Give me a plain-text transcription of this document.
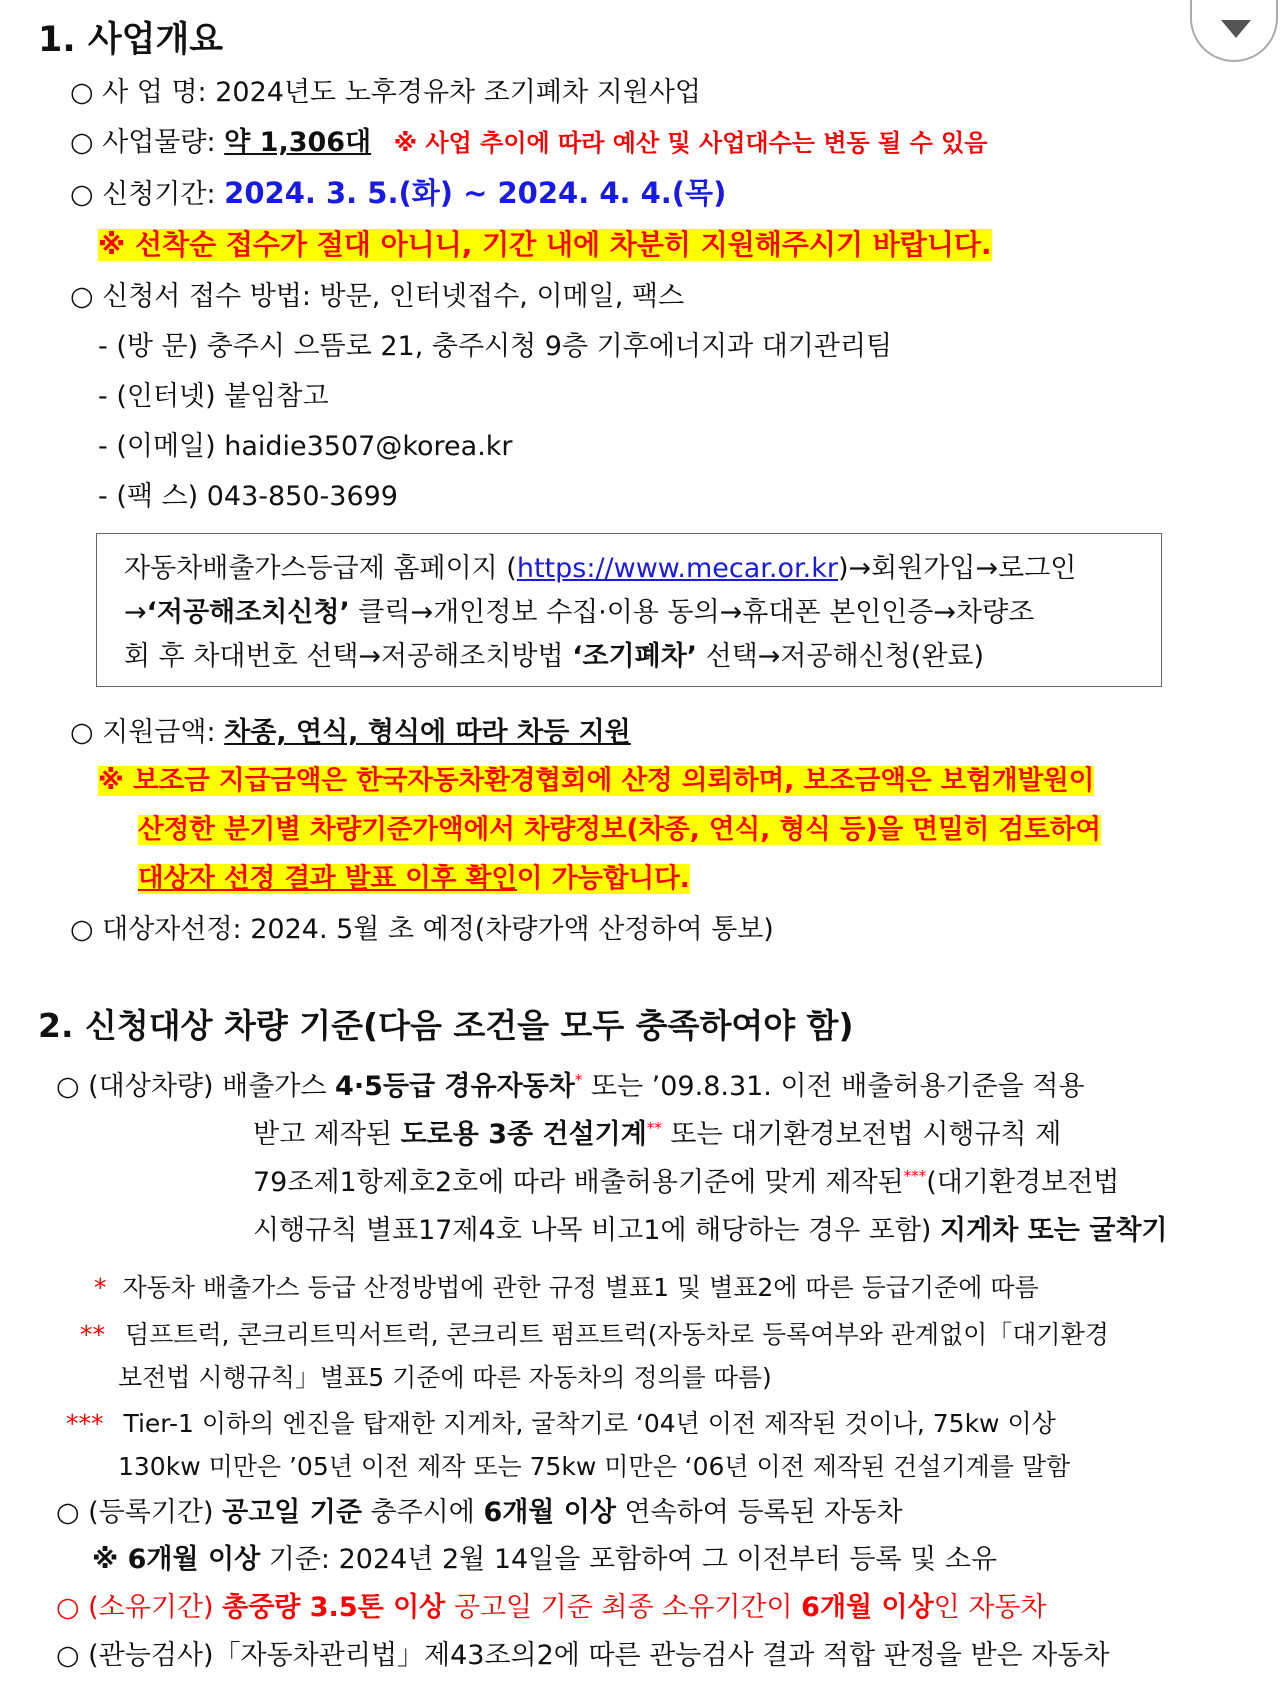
1. 사업개요
○ 사 업 명: 2024년도 노후경유차 조기폐차 지원사업
○ 사업물량: 약 1,306대 ※ 사업 추이에 따라 예산 및 사업대수는 변동 될 수 있음
○ 신청기간: 2024. 3. 5.(화) ~ 2024. 4. 4.(목)
※ 선착순 접수가 절대 아니니, 기간 내에 차분히 지원해주시기 바랍니다.
○ 신청서 접수 방법: 방문, 인터넷접수, 이메일, 팩스
- (방 문) 충주시 으뜸로 21, 충주시청 9층 기후에너지과 대기관리팀
- (인터넷) 붙임참고
- (이메일) haidie3507@korea.kr
- (팩 스) 043-850-3699
자동차배출가스등급제 홈페이지 (https://www.mecar.or.kr)→회원가입→로그인
→‘저공해조치신청’ 클릭→개인정보 수집·이용 동의→휴대폰 본인인증→차량조
회 후 차대번호 선택→저공해조치방법 ‘조기폐차’ 선택→저공해신청(완료)
○ 지원금액: 차종, 연식, 형식에 따라 차등 지원
※ 보조금 지급금액은 한국자동차환경협회에 산정 의뢰하며, 보조금액은 보험개발원이
산정한 분기별 차량기준가액에서 차량정보(차종, 연식, 형식 등)을 면밀히 검토하여
대상자 선정 결과 발표 이후 확인이 가능합니다.
○ 대상자선정: 2024. 5월 초 예정(차량가액 산정하여 통보)
2. 신청대상 차량 기준(다음 조건을 모두 충족하여야 함)
○ (대상차량) 배출가스 4·5등급 경유자동차* 또는 ’09.8.31. 이전 배출허용기준을 적용
받고 제작된 도로용 3종 건설기계** 또는 대기환경보전법 시행규칙 제
79조제1항제호2호에 따라 배출허용기준에 맞게 제작된***(대기환경보전법
시행규칙 별표17제4호 나목 비고1에 해당하는 경우 포함) 지게차 또는 굴착기
* 자동차 배출가스 등급 산정방법에 관한 규정 별표1 및 별표2에 따른 등급기준에 따름
** 덤프트럭, 콘크리트믹서트럭, 콘크리트 펌프트럭(자동차로 등록여부와 관계없이「대기환경
보전법 시행규칙」별표5 기준에 따른 자동차의 정의를 따름)
*** Tier-1 이하의 엔진을 탑재한 지게차, 굴착기로 ‘04년 이전 제작된 것이나, 75kw 이상
130kw 미만은 ’05년 이전 제작 또는 75kw 미만은 ‘06년 이전 제작된 건설기계를 말함
○ (등록기간) 공고일 기준 충주시에 6개월 이상 연속하여 등록된 자동차
※ 6개월 이상 기준: 2024년 2월 14일을 포함하여 그 이전부터 등록 및 소유
○ (소유기간) 총중량 3.5톤 이상 공고일 기준 최종 소유기간이 6개월 이상인 자동차
○ (관능검사)「자동차관리법」제43조의2에 따른 관능검사 결과 적합 판정을 받은 자동차
